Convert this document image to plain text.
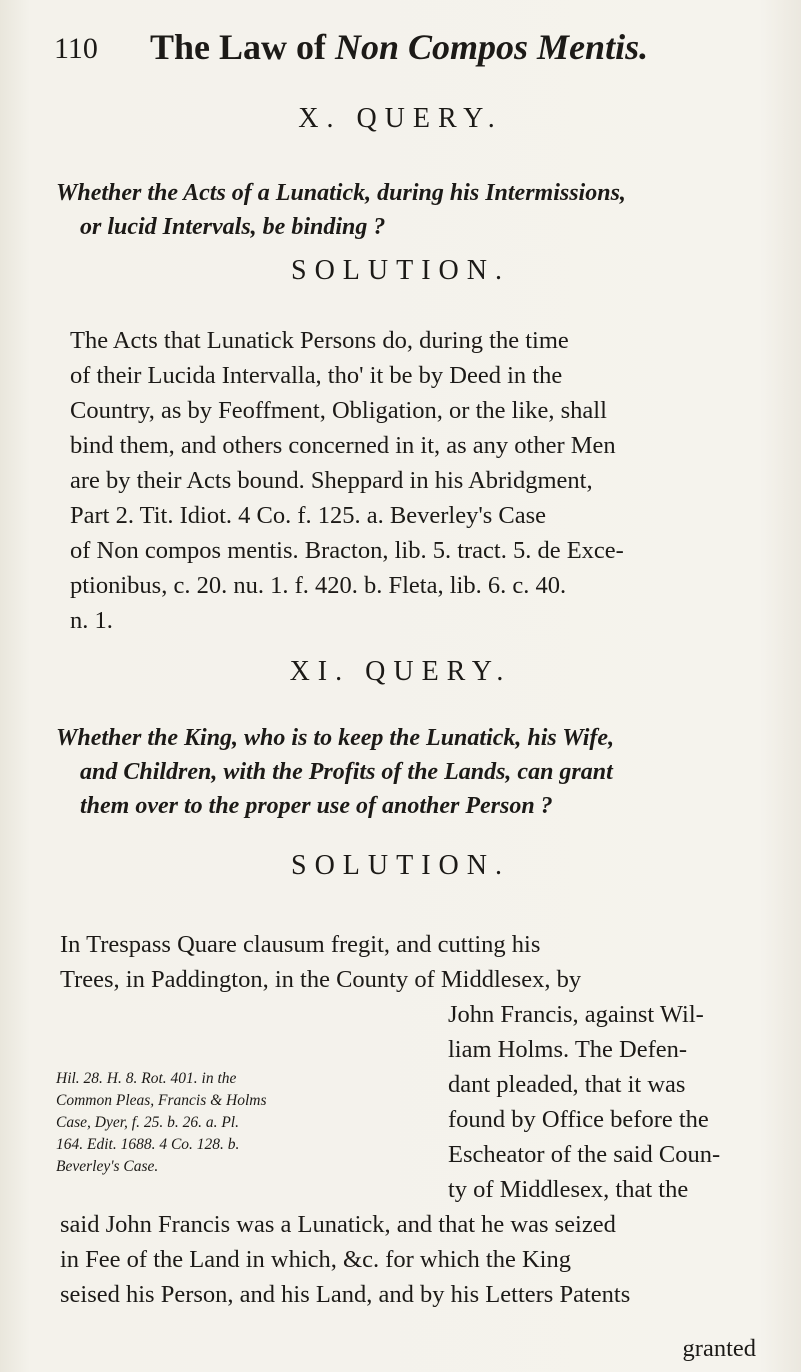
110 The Law of Non Compos Mentis.
X. QUERY.
Whether the Acts of a Lunatick, during his Intermissions,
or lucid Intervals, be binding ?
SOLUTION.
The Acts that Lunatick Persons do, during the time
of their Lucida Intervalla, tho' it be by Deed in the
Country, as by Feoffment, Obligation, or the like, shall
bind them, and others concerned in it, as any other Men
are by their Acts bound. Sheppard in his Abridgment,
Part 2. Tit. Idiot. 4 Co. f. 125. a. Beverley's Case
of Non compos mentis. Bracton, lib. 5. tract. 5. de Exce-
ptionibus, c. 20. nu. 1. f. 420. b. Fleta, lib. 6. c. 40.
n. 1.
XI. QUERY.
Whether the King, who is to keep the Lunatick, his Wife,
and Children, with the Profits of the Lands, can grant
them over to the proper use of another Person ?
SOLUTION.
In Trespass Quare clausum fregit, and cutting his
Trees, in Paddington, in the County of Middlesex, by
John Francis, against Wil-
liam Holms. The Defen-
dant pleaded, that it was
found by Office before the
Escheator of the said Coun-
ty of Middlesex, that the
Hil. 28. H. 8. Rot. 401. in the
Common Pleas, Francis & Holms
Case, Dyer, f. 25. b. 26. a. Pl.
164. Edit. 1688. 4 Co. 128. b.
Beverley's Case.
said John Francis was a Lunatick, and that he was seized
in Fee of the Land in which, &c. for which the King
seised his Person, and his Land, and by his Letters Patents
granted
